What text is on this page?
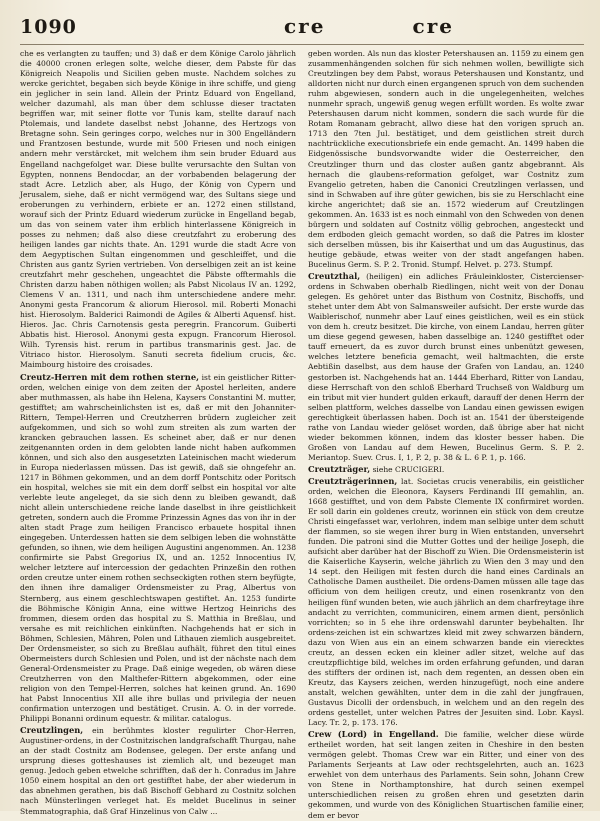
1090	cre	cre

che es verlangten zu tauffen; und 3) daß er dem Könige Carolo jährlich die 40000 cronen erlegen solte, welche dieser, dem Pabste für das Königreich Neapolis und Sicilien geben muste. Nachdem solches zu wercke gerichtet, begaben sich beyde Könige in ihre schiffe, und gieng ein jeglicher in sein land. Allein der Printz Eduard von Engelland, welcher dazumahl, als man über dem schlusse dieser tractaten begriffen war, mit seiner flotte vor Tunis kam, stellte darauf nach Ptolemais, und landete daselbst nebst Johanne, des Hertzogs von Bretagne sohn. Sein geringes corpo, welches nur in 300 Engelländern und Frantzosen bestunde, wurde mit 500 Friesen und noch einigen andern mehr verstärcket, mit welchem ihm sein bruder Eduard aus Engelland nachgefolget war. Diese bullte verursachte den Sultan von Egypten, nonnens Bendocdar, an der vorbabenden belagerung der stadt Acre. Letzlich aber, als Hugo, der König von Cypern und Jerusalem, siehe, daß er nicht vermögend war, des Sultans siege und eroberungen zu verhindern, erbiete er an. 1272 einen stillstand, worauf sich der Printz Eduard wiederum zurücke in Engelland begab, um das von seinem vater ihm erblich hinterlassene Königreich in posses zu nehmen; daß also diese creutzfahrt zu eroberung des heiligen landes gar nichts thate. An. 1291 wurde die stadt Acre von dem Aegyptischen Sultan eingenommen und geschleiffet, und die Christen aus gantz Syrien vertrieben. Von derselbigen zeit an ist keine creutzfahrt mehr geschehen, ungeachtet die Päbste offtermahls die Christen darzu haben nöthigen wollen; als Pabst Nicolaus IV an. 1292, Clemens V an. 1311, und nach ihm unterschiedene andere mehr. Anonymi gesta Francorum & aliorum Hierosol. mil. Roberti Monachi hist. Hierosolym. Balderici Raimondi de Agiles & Alberti Aquensf. hist. Hieros. Jac. Chris Carnotensis gesta peregrin. Francorum. Guiberti Abbatis hist. Hierosol. Anonymi gesta expugn. Francorum Hierosol. Wilh. Tyrensis hist. rerum in partibus transmarinis gest. Jac. de Vitriaco histor. Hierosolym. Sanuti secreta fidelium crucis, &c. Maimbourg histoire des croisades.

Creutz-Herren mit dem rothen sterne, ist ein geistlicher Ritter-orden, welchen einige von dem zeiten der Apostel herleiten, andere aber muthmassen, als habe ihn Helena, Kaysers Constantini M. mutter, gestifftet; am wahrscheinlichsten ist es, daß er mit den Johanniter-Rittern, Tempel-Herren und Creutzherren brüdern zugleicher zeit aufgekommen, und sich so wohl zum streiten als zum warten der krancken gebrauchen lassen. Es scheinet aber, daß er nur denen zeitgenannten orden in dem gelobten lande nicht haben aufkommen können, und sich also den ausgesetzten Lateinischen macht wiederum in Europa niederlassen müssen. Das ist gewiß, daß sie ohngefehr an. 1217 in Böhmen gekommen, und an dem dorff Pontschitz oder Poritsch ein hospital, welches sie mit ein dem dorff selbst ein hospital vor alte verlebte leute angeleget, da sie sich denn zu bleiben gewandt, daß nicht allein unterschiedene reiche lande daselbst in ihre geistlichkeit getreten, sondern auch die Fromme Prinzessin Agnes das von ihr in der alten stadt Prage zum heiligen Francisco erbauete hospital ihnen eingegeben. Unterdessen hatten sie dem selbigen leben die wohnstätte gefunden, so ihnen, wie dem heiligen Augustini angenommen. An. 1238 confirmirte sie Pabst Gregorius IX, und an. 1252 Innocentius IV, welcher letztere auf intercession der gedachten Prinzeßin den rothen orden creutze unter einem rothen sechseckigten rothen stern beyfügte, den ihnen ihre damaliger Ordensmeister zu Prag, Albertus von Sternberg, aus einem geschlechtswapen gestiftet. An. 1253 ſundirte die Böhmische Königin Anna, eine wittwe Hertzog Heinrichs des frommen, diesem orden das hospital zu S. Matthia in Breßlau, und versahe es mit reichlichen einkünften. Nachgehends hat er sich in Böhmen, Schlesien, Mähren, Polen und Lithauen ziemlich ausgebreitet. Der Ordensmeister, so sich zu Breßlau aufhält, führet den titul eines Obermeisters durch Schlesien und Polen, und ist der nächste nach dem General-Ordensmeister zu Prage. Daß einige wegeden, ob wären diese Creutzherren von den Malthefer-Rittern abgekommen, oder eine religion von den Tempel-Herren, solches hat keinen grund. An. 1690 hat Pabst Innocentius XII alle ihre bullas und privilegia der neuen confirmation unterzogen und bestätiget. Crusin. A. O. in der vorrede. Philippi Bonanni ordinum equestr. & militar. catalogus.

Creutzlingen, ein berühmtes kloster regulirter Chor-Herren, Augustiner-ordens, in der Costnitzischen landgrafschafft Thurgau, nahe an der stadt Costnitz am Bodensee, gelegen. Der erste anfang und ursprung dieses gotteshauses ist ziemlich alt, und bezeuget man genug. Jedoch geben etwelche schrifften, daß der h. Conradus im Jahre 1050 einem hospital an den ort gestifftet habe, der aber wiederum in das abnehmen gerathen, bis daß Bischoff Gebhard zu Costnitz solchen nach Münsterlingen verleget hat. Es meldet Bucelinus in seiner Stemmatographia, daß Graf Hinzelinus von Calw ...

geben worden. Als nun das kloster Petershausen an. 1159 zu einem gen zusammenhängenden solchen für sich nehmen wollen, bewilligte sich Creutzlingen bey dem Pabst, woraus Petershausen und Konstantz, und alldorten nicht nur durch einen ergangenen spruch von dem suchenden ruhm abgewiesen, sondern auch in die ungelegenheiten, welches nunmehr sprach, ungewiß genug wegen erfüllt worden. Es wolte zwar Petershausen darum nicht kommen, sondern die sach wurde für die Rotam Romanam gebracht, allwo diese hat den vorigen spruch an. 1713 den 7ten Jul. bestätiget, und dem geistlichen streit durch nachtrückliche executionsbriefe ein ende gemacht. An. 1499 haben die Eidgenössische bundsvorwandte wider die Oesterreicher, den Creutzlinger thurn und das closter außen gantz abgebrannt. Als hernach die glaubens-reformation gefolget, war Costnitz zum Evangelio getreten, haben die Canonici Creutzlingen verlassen, und sind in Schwaben auf ihre güter gewichen, bis sie zu Herschlacht eine kirche angerichtet; daß sie an. 1572 wiederum auf Creutzlingen gekommen. An. 1633 ist es noch einmahl von den Schweden von denen bürgern und soldaten auf Costnitz völlig gebrochen, angesteckt und dem erdboden gleich gemacht worden, so daß die Patres im kloster sich derselben müssen, bis ihr Kaiserthat und um das Augustinus, das heutige gebäude, etwas weiter von der stadt angefangen haben. Bucelinus Germ. S. P. 2. Tronid. Stumpf. Helvet. p. 273. Stumpf.

Creutzthal, (heiligen) ein adliches Fräuleinkloster, Cistercienser-ordens in Schwaben oberhalb Riedlingen, nicht weit von der Donau gelegen. Es gehöret unter das Bisthum von Costnitz, Bischoffs, und stehet unter dem Abt von Salmansweiler aufsicht. Der erste wurde das Waiblerischof, nunmehr aber Lauf eines geistlichen, weil es ein stück von dem h. creutz besitzet. Die kirche, von einem Landau, herren güter um diese gegend gewesen, haben dasselbige an. 1240 gestifftet oder tauff erneuert, da es zuvor durch brunst eines unbenützt gewesen, welches letztere beneficia gemacht, weil haltmachten, die erste Aebtißin daselbst, aus dem hause der Grafen von Landau, an. 1240 gestorben ist. Nachgehends hat an. 1444 Eberhard, Ritter von Landau, diese Herrschaft von den schloß Eberhard Truchseß von Waldburg um ein tribut mit vier hundert gulden erkauft, darauff der denen Herrn der selben plattform, welches dasselbe von Landau einen gewissen ewigen gerechtigkeit überlassen haben. Doch ist an. 1541 der übersteigende rathe von Landau wieder gelöset worden, daß übrige aber hat nicht wieder bekommen können, indem das kloster besser haben. Die Großen von Landau auf dem Hewen, Bucelinus Germ. S. P. 2. Meriantop. Suev. Crus. I, 1, P. 2, p. 38 & L. 6 P. 1, p. 166.

Creutzträger, siehe CRUCIGERI.

Creutzträgerinnen, lat. Societas crucis venerabilis, ein geistlicher orden, welchen die Eleonora, Kaysers Ferdinandi III gemahlin, an. 1668 gestifftet, und von dem Pabste Clemente IX confirmiret worden. Er soll darin ein goldenes creutz, worinnen ein stück von dem creutze Christi eingefasset war, verlohren, indem man selbige unter dem schutt der flammen, so sie wegen ihrer burg in Wien entstanden, unversehrt funden. Die patroni sind die Mutter Gottes und der heilige Joseph, die aufsicht aber darüber hat der Bischoff zu Wien. Die Ordensmeisterin ist die Kaiserliche Kayserin, welche jährlich zu Wien den 3 may und den 14 sept. den Heiligen mit festen durch die hand eines Cardinals an Catholische Damen austheilet. Die ordens-Damen müssen alle tage das officium von dem heiligen creutz, und einen rosenkrantz von den heiligen fünf wunden beten, wie auch jährlich an dem charfreytage ihre andacht zu verrichten, communiciren, einem armen dient, persönlich vorrichten; so in 5 ehe ihre ordenswahl darunter beybehalten. Ihr ordens-zeichen ist ein schwartzes kleid mit zwey schwarzen bändern, dazu von Wien aus ein an einem schwarzen bande ein vierecktes creutz, an dessen ecken ein kleiner adler sitzet, welche auf das creutzpflichtige bild, welches im orden erfahrung gefunden, und daran des stiffters der ordinen ist, nach dem regenten, an dessen oben ein Kreutz, das Kaysers zeichen, werden hinzugefügt, noch eine andere anstalt, welchen gewählten, unter dem in die zahl der jungfrauen, Gustavus Dicolli der ordensbuch, in welchem und an den regeln des ordens gestellet, unter welchen Patres der Jesuiten sind. Lobr. Kaysl. Lacy. Tr. 2, p. 173. 176.

Crew (Lord) in Engelland. Die familie, welcher diese würde ertheilet worden, hat seit langen zeiten in Cheshire in den besten vermögen gelebt. Thomas Crew war ein Ritter, und einer von des Parlaments Serjeants at Law oder rechtsgelehrten, auch an. 1623 erwehlet von dem unterhaus des Parlaments. Sein sohn, Johann Crew von Stene in Northamptonshire, hat durch seinen exempel unterschiedlichen reisen zu großen ehren und gesetzten darin gekommen, und wurde von des Königlichen Stuartischen familie einer, dem er bevor
